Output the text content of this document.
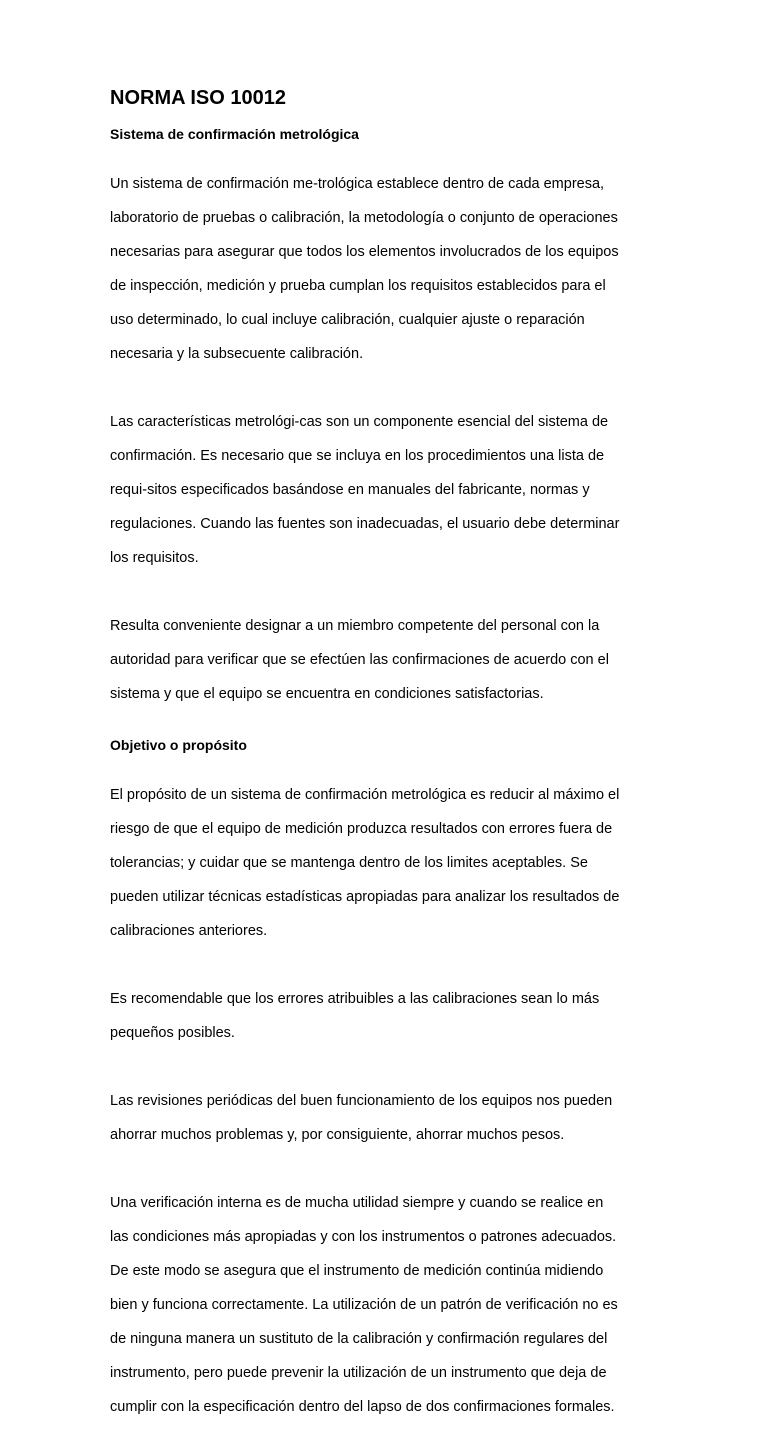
NORMA ISO 10012
Sistema de confirmación metrológica

Un sistema de confirmación me-trológica establece dentro de cada empresa,

laboratorio de pruebas o calibración, la metodología o conjunto de operaciones

necesarias para asegurar que todos los elementos involucrados de los equipos

de inspección, medición y prueba cumplan los requisitos establecidos para el

uso determinado, lo cual incluye calibración, cualquier ajuste o reparación

necesaria y la subsecuente calibración.

Las características metrológi-cas son un componente esencial del sistema de

confirmación. Es necesario que se incluya en los procedimientos una lista de

requi-sitos especificados basándose en manuales del fabricante, normas y

regulaciones. Cuando las fuentes son inadecuadas, el usuario debe determinar

los requisitos.

Resulta conveniente designar a un miembro competente del personal con la

autoridad para verificar que se efectúen las confirmaciones de acuerdo con el

sistema y que el equipo se encuentra en condiciones satisfactorias.

Objetivo o propósito

El propósito de un sistema de confirmación metrológica es reducir al máximo el

riesgo de que el equipo de medición produzca resultados con errores fuera de

tolerancias; y cuidar que se mantenga dentro de los limites aceptables. Se

pueden utilizar técnicas estadísticas apropiadas para analizar los resultados de

calibraciones anteriores.

Es recomendable que los errores atribuibles a las calibraciones sean lo más

pequeños posibles.

Las revisiones periódicas del buen funcionamiento de los equipos nos pueden

ahorrar muchos problemas y, por consiguiente, ahorrar muchos pesos.

Una verificación interna es de mucha utilidad siempre y cuando se realice en

las condiciones más apropiadas y con los instrumentos o patrones adecuados.

De este modo se asegura que el instrumento de medición continúa midiendo

bien y funciona correctamente. La utilización de un patrón de verificación no es

de ninguna manera un sustituto de la calibración y confirmación regulares del

instrumento, pero puede prevenir la utilización de un instrumento que deja de

cumplir con la especificación dentro del lapso de dos confirmaciones formales.
